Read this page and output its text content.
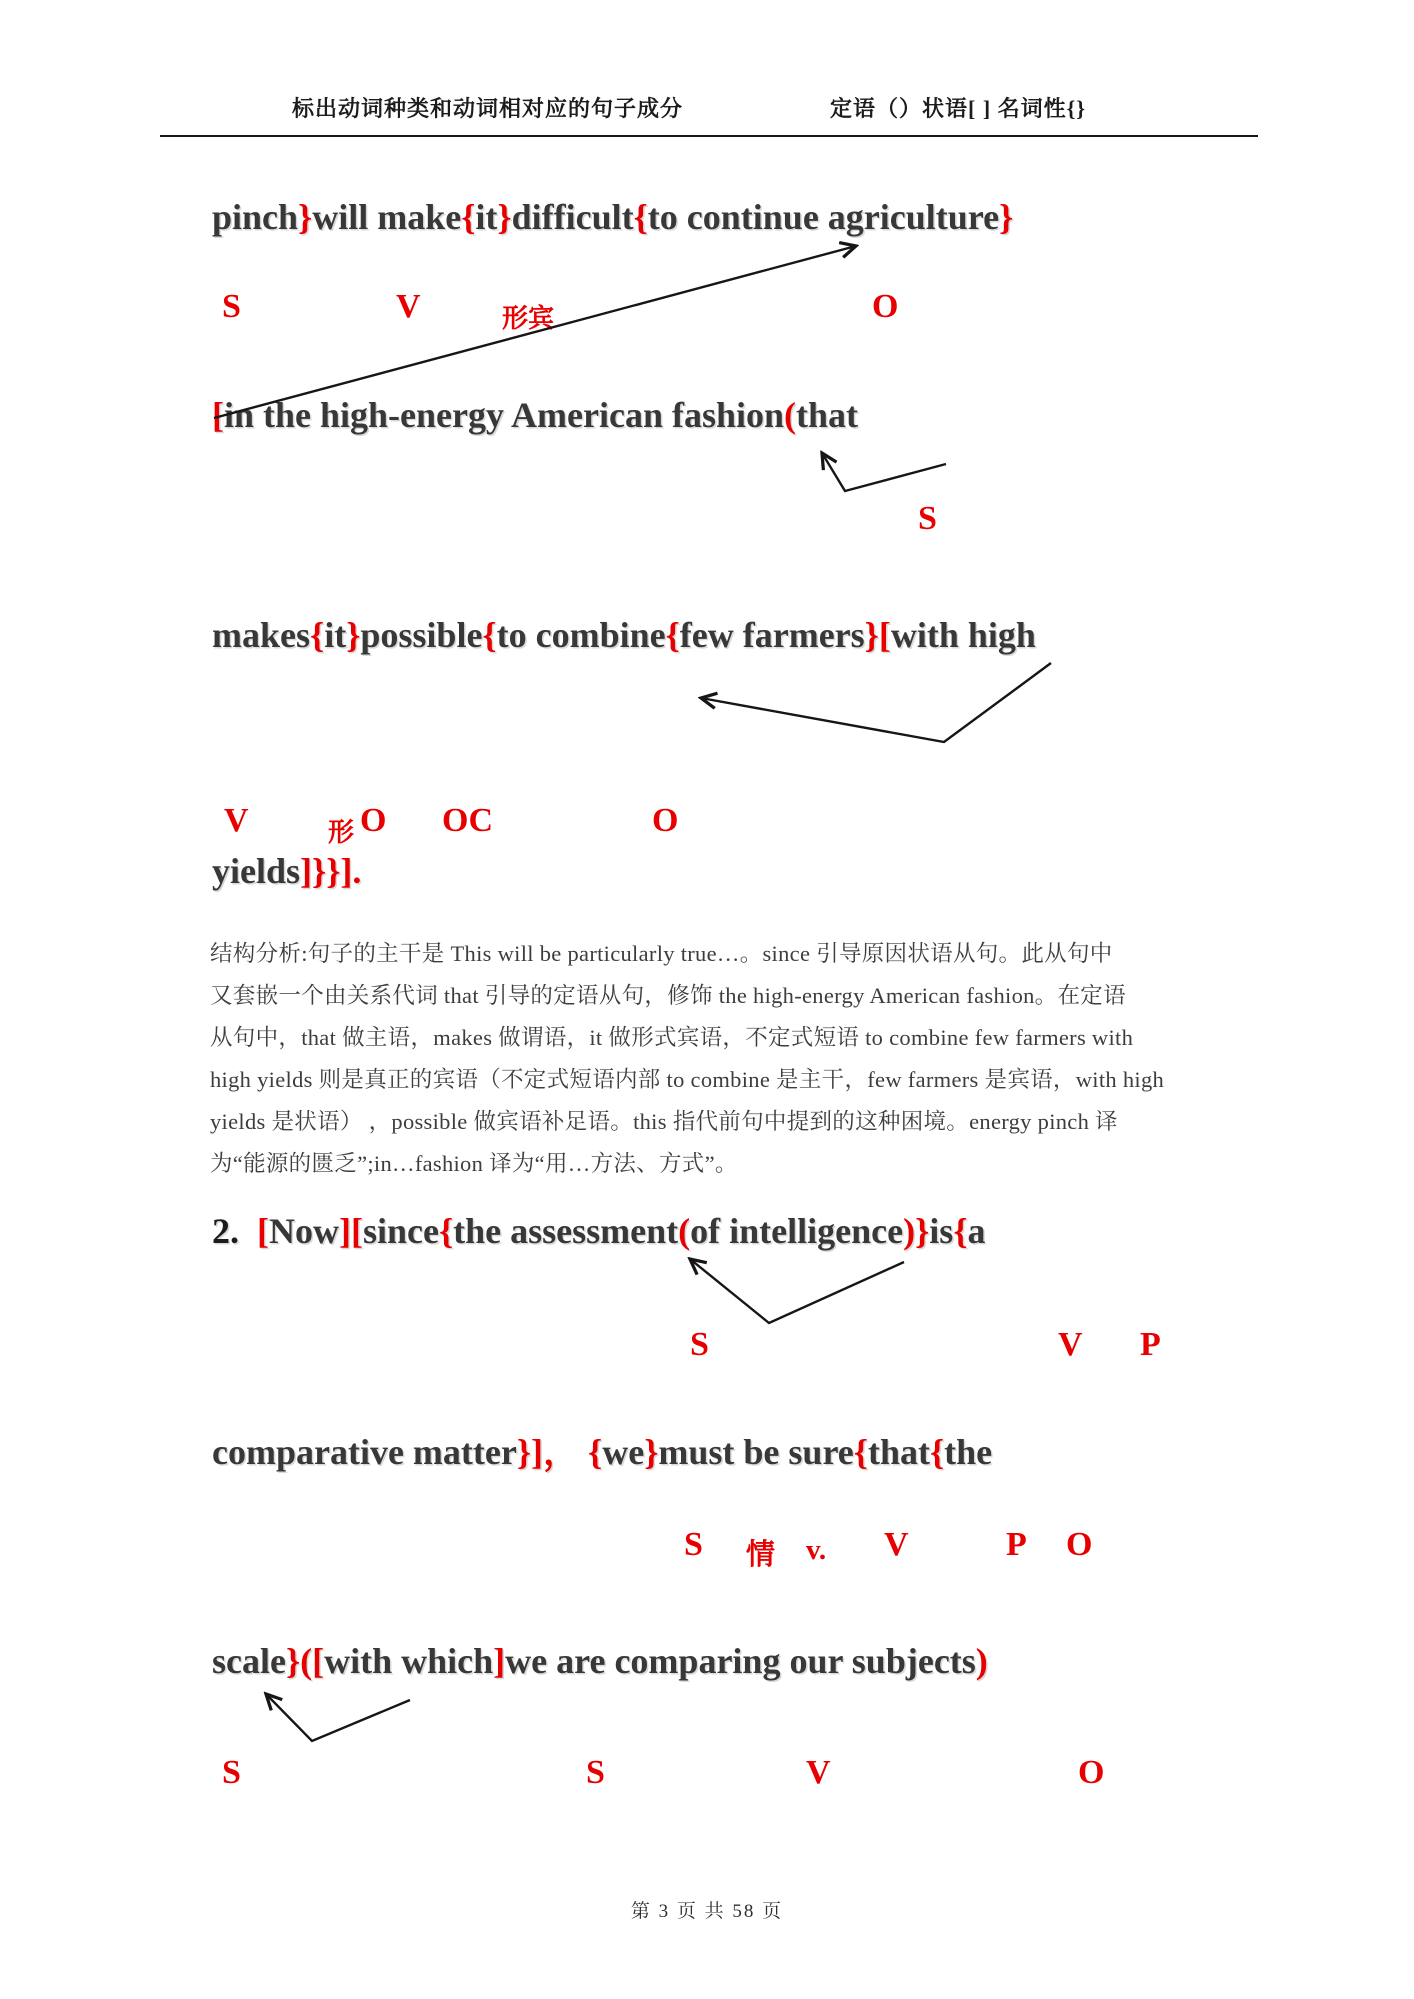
标出动词种类和动词相对应的句子成分	定语（）状语[ ] 名词性{}
pinch}will make{it}difficult{to continue agriculture}
S	V	形宾	O
[in the high-energy American fashion(that
S
makes{it}possible{to combine{few farmers}[with high
V	形 O OC	O
yields]}}].
结构分析:句子的主干是 This will be particularly true…。since 引导原因状语从句。此从句中
又套嵌一个由关系代词 that 引导的定语从句，修饰 the high-energy American fashion。在定语
从句中，that 做主语，makes 做谓语，it 做形式宾语，不定式短语 to combine few farmers with
high yields 则是真正的宾语（不定式短语内部 to combine 是主干，few farmers 是宾语，with high
yields 是状语） ，possible 做宾语补足语。this 指代前句中提到的这种困境。energy pinch 译
为“能源的匮乏”;in…fashion 译为“用…方法、方式”。
2.  [Now][since{the assessment(of intelligence)}is{a
S	V P
comparative matter}]， {we}must be sure{that{the
S 情 v. V	P O
scale}([with which]we are comparing our subjects)
S	S	V	O
第 3 页 共 58 页
